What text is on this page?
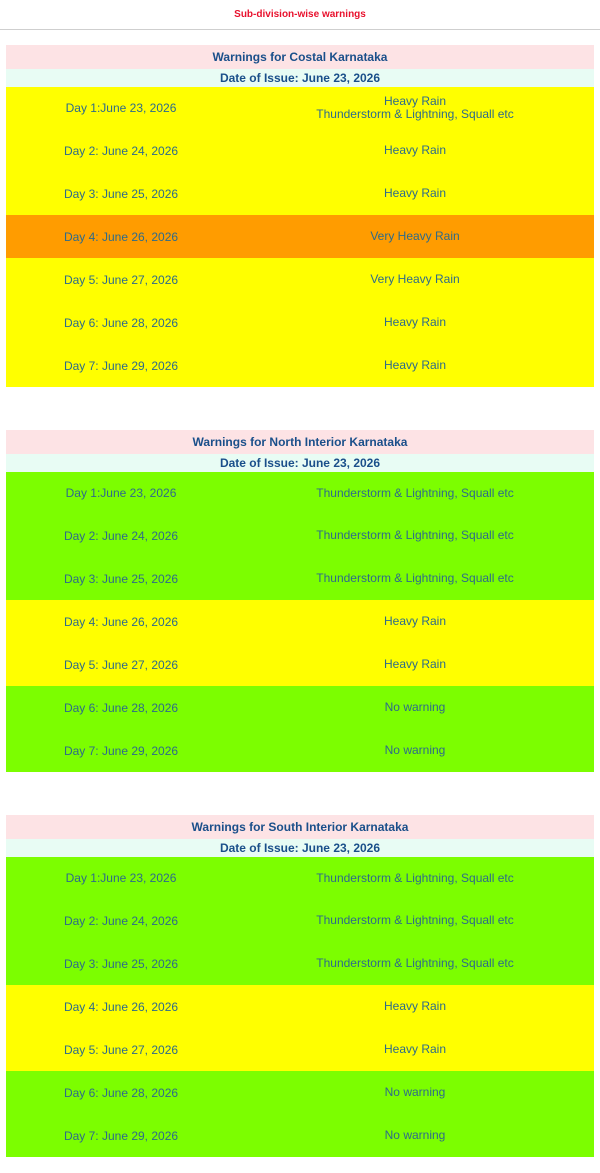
Sub-division-wise warnings
Warnings for Costal Karnataka
Date of Issue: June 23, 2026
Day 1:June 23, 2026	Heavy Rain
Thunderstorm & Lightning, Squall etc
Day 2: June 24, 2026	Heavy Rain
Day 3: June 25, 2026	Heavy Rain
Day 4: June 26, 2026	Very Heavy Rain
Day 5: June 27, 2026	Very Heavy Rain
Day 6: June 28, 2026	Heavy Rain
Day 7: June 29, 2026	Heavy Rain
Warnings for North Interior Karnataka
Date of Issue: June 23, 2026
Day 1:June 23, 2026	Thunderstorm & Lightning, Squall etc
Day 2: June 24, 2026	Thunderstorm & Lightning, Squall etc
Day 3: June 25, 2026	Thunderstorm & Lightning, Squall etc
Day 4: June 26, 2026	Heavy Rain
Day 5: June 27, 2026	Heavy Rain
Day 6: June 28, 2026	No warning
Day 7: June 29, 2026	No warning
Warnings for South Interior Karnataka
Date of Issue: June 23, 2026
Day 1:June 23, 2026	Thunderstorm & Lightning, Squall etc
Day 2: June 24, 2026	Thunderstorm & Lightning, Squall etc
Day 3: June 25, 2026	Thunderstorm & Lightning, Squall etc
Day 4: June 26, 2026	Heavy Rain
Day 5: June 27, 2026	Heavy Rain
Day 6: June 28, 2026	No warning
Day 7: June 29, 2026	No warning
